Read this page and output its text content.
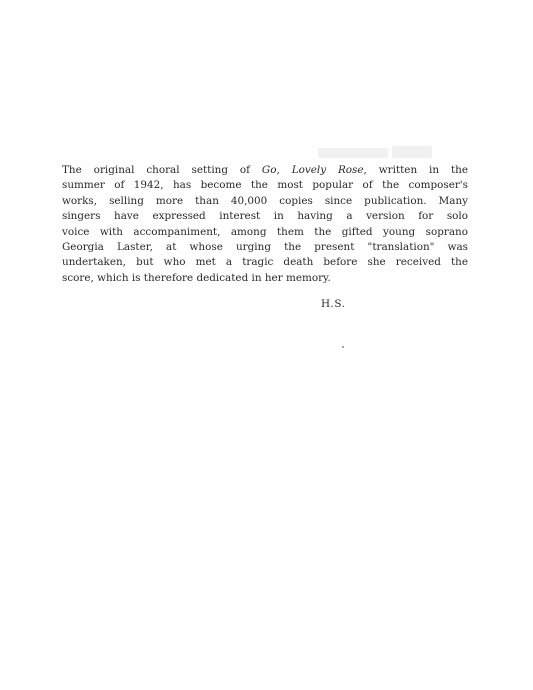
The original choral setting of Go, Lovely Rose, written in the
summer of 1942, has become the most popular of the composer's
works, selling more than 40,000 copies since publication. Many
singers have expressed interest in having a version for solo
voice with accompaniment, among them the gifted young soprano
Georgia Laster, at whose urging the present "translation" was
undertaken, but who met a tragic death before she received the
score, which is therefore dedicated in her memory.
H.S.
